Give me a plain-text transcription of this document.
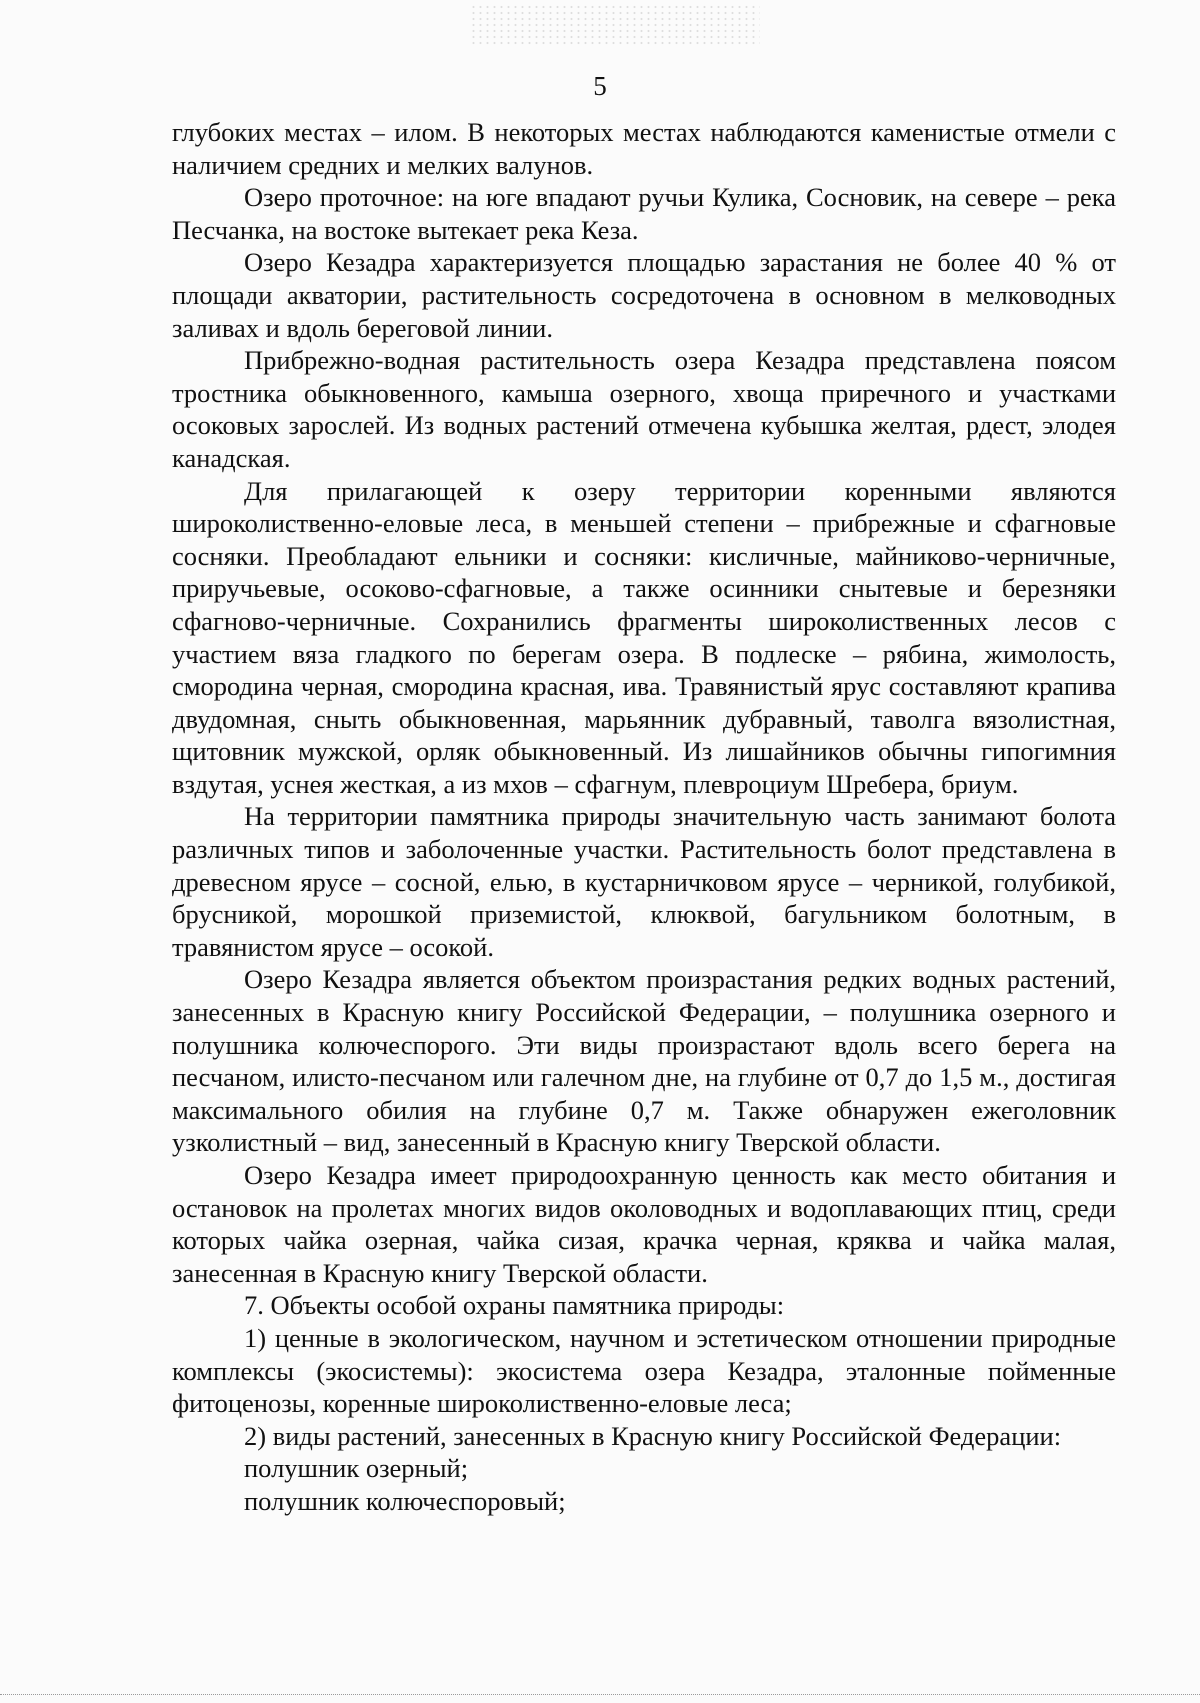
5

глубоких местах – илом. В некоторых местах наблюдаются каменистые отмели с наличием средних и мелких валунов.

Озеро проточное: на юге впадают ручьи Кулика, Сосновик, на севере – река Песчанка, на востоке вытекает река Кеза.

Озеро Кезадра характеризуется площадью зарастания не более 40 % от площади акватории, растительность сосредоточена в основном в мелководных заливах и вдоль береговой линии.

Прибрежно-водная растительность озера Кезадра представлена поясом тростника обыкновенного, камыша озерного, хвоща приречного и участками осоковых зарослей. Из водных растений отмечена кубышка желтая, рдест, элодея канадская.

Для прилагающей к озеру территории коренными являются широколиственно-еловые леса, в меньшей степени – прибрежные и сфагновые сосняки. Преобладают ельники и сосняки: кисличные, майниково-черничные, приручьевые, осоково-сфагновые, а также осинники снытевые и березняки сфагново-черничные. Сохранились фрагменты широколиственных лесов с участием вяза гладкого по берегам озера. В подлеске – рябина, жимолость, смородина черная, смородина красная, ива. Травянистый ярус составляют крапива двудомная, сныть обыкновенная, марьянник дубравный, таволга вязолистная, щитовник мужской, орляк обыкновенный. Из лишайников обычны гипогимния вздутая, уснея жесткая, а из мхов – сфагнум, плевроциум Шребера, бриум.

На территории памятника природы значительную часть занимают болота различных типов и заболоченные участки. Растительность болот представлена в древесном ярусе – сосной, елью, в кустарничковом ярусе – черникой, голубикой, брусникой, морошкой приземистой, клюквой, багульником болотным, в травянистом ярусе – осокой.

Озеро Кезадра является объектом произрастания редких водных растений, занесенных в Красную книгу Российской Федерации, – полушника озерного и полушника колючеспорого. Эти виды произрастают вдоль всего берега на песчаном, илисто-песчаном или галечном дне, на глубине от 0,7 до 1,5 м., достигая максимального обилия на глубине 0,7 м. Также обнаружен ежеголовник узколистный – вид, занесенный в Красную книгу Тверской области.

Озеро Кезадра имеет природоохранную ценность как место обитания и остановок на пролетах многих видов околоводных и водоплавающих птиц, среди которых чайка озерная, чайка сизая, крачка черная, кряква и чайка малая, занесенная в Красную книгу Тверской области.

7. Объекты особой охраны памятника природы:

1) ценные в экологическом, научном и эстетическом отношении природные комплексы (экосистемы): экосистема озера Кезадра, эталонные пойменные фитоценозы, коренные широколиственно-еловые леса;

2) виды растений, занесенных в Красную книгу Российской Федерации:

полушник озерный;

полушник колючеспоровый;
